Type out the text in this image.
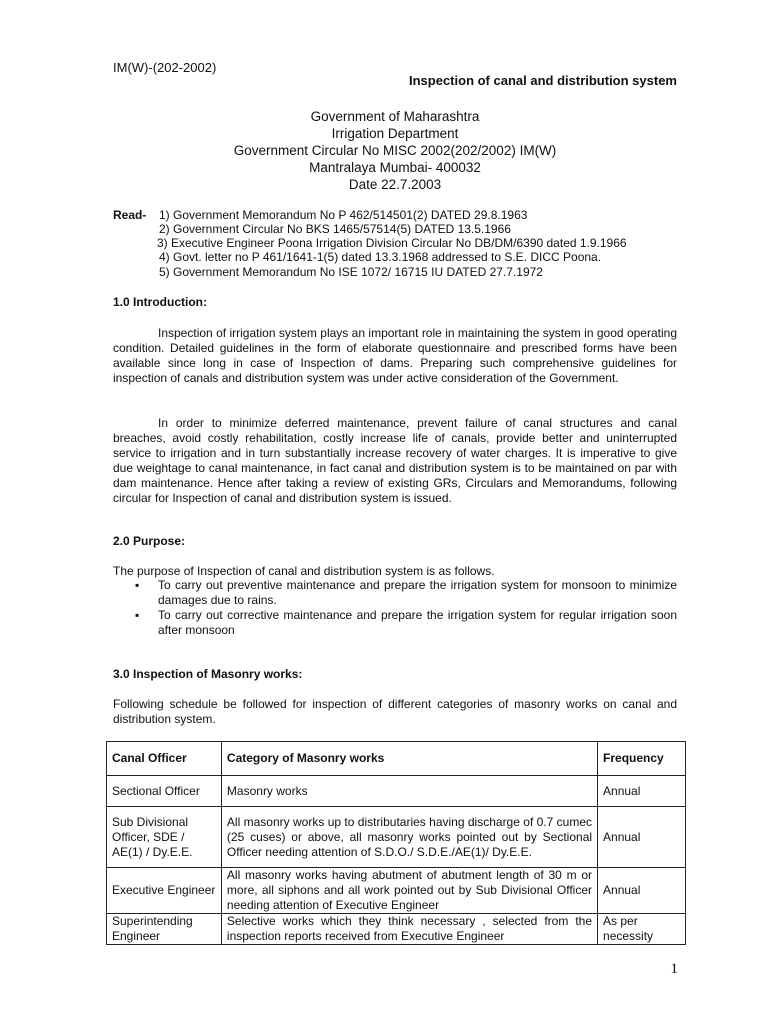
IM(W)-(202-2002)
Inspection of canal and distribution system
Government of Maharashtra
Irrigation Department
Government Circular No MISC 2002(202/2002) IM(W)
Mantralaya Mumbai- 400032
Date 22.7.2003
Read- 1) Government Memorandum No P 462/514501(2) DATED 29.8.1963
2) Government Circular No BKS 1465/57514(5) DATED 13.5.1966
3) Executive Engineer Poona Irrigation Division Circular No DB/DM/6390 dated 1.9.1966
4) Govt. letter no P 461/1641-1(5) dated 13.3.1968 addressed to S.E. DICC Poona.
5) Government Memorandum No ISE 1072/ 16715 IU DATED 27.7.1972
1.0 Introduction:
Inspection of irrigation system plays an important role in maintaining the system in good operating condition. Detailed guidelines in the form of elaborate questionnaire and prescribed forms have been available since long in case of Inspection of dams. Preparing such comprehensive guidelines for inspection of canals and distribution system was under active consideration of the Government.
In order to minimize deferred maintenance, prevent failure of canal structures and canal breaches, avoid costly rehabilitation, costly increase life of canals, provide better and uninterrupted service to irrigation and in turn substantially increase recovery of water charges. It is imperative to give due weightage to canal maintenance, in fact canal and distribution system is to be maintained on par with dam maintenance. Hence after taking a review of existing GRs, Circulars and Memorandums, following circular for Inspection of canal and distribution system is issued.
2.0 Purpose:
The purpose of Inspection of canal and distribution system is as follows.
▪ To carry out preventive maintenance and prepare the irrigation system for monsoon to minimize damages due to rains.
▪ To carry out corrective maintenance and prepare the irrigation system for regular irrigation soon after monsoon
3.0 Inspection of Masonry works:
Following schedule be followed for inspection of different categories of masonry works on canal and distribution system.
Canal Officer	Category of Masonry works	Frequency
Sectional Officer	Masonry works	Annual
Sub Divisional Officer, SDE / AE(1) / Dy.E.E.	All masonry works up to distributaries having discharge of 0.7 cumec (25 cuses) or above, all masonry works pointed out by Sectional Officer needing attention of S.D.O./ S.D.E./AE(1)/ Dy.E.E.	Annual
Executive Engineer	All masonry works having abutment of abutment length of 30 m or more, all siphons and all work pointed out by Sub Divisional Officer needing attention of Executive Engineer	Annual
Superintending Engineer	Selective works which they think necessary , selected from the inspection reports received from Executive Engineer	As per necessity
1
